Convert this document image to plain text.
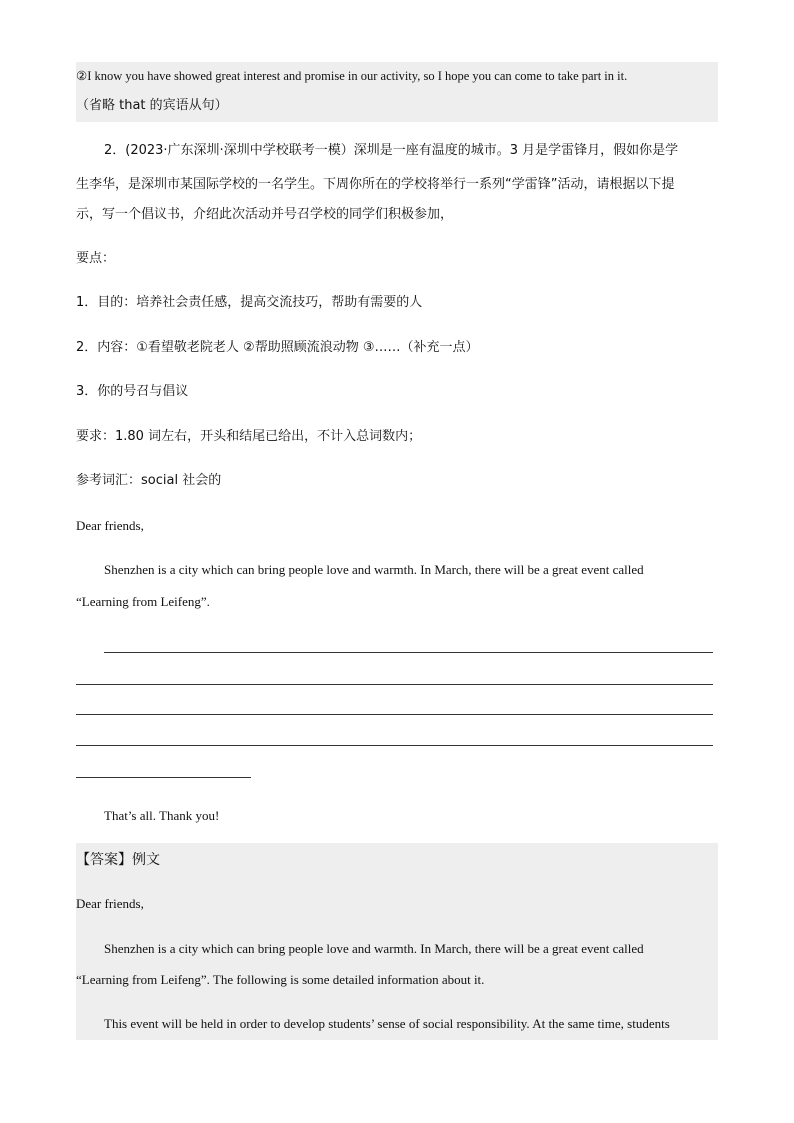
②I know you have showed great interest and promise in our activity, so I hope you can come to take part in it.
（省略 that 的宾语从句）
2．(2023·广东深圳·深圳中学校联考一模）深圳是一座有温度的城市。3 月是学雷锋月，假如你是学
生李华，是深圳市某国际学校的一名学生。下周你所在的学校将举行一系列“学雷锋”活动，请根据以下提
示，写一个倡议书，介绍此次活动并号召学校的同学们积极参加，
要点：
1．目的：培养社会责任感，提高交流技巧，帮助有需要的人
2．内容：①看望敬老院老人 ②帮助照顾流浪动物 ③……（补充一点）
3．你的号召与倡议
要求：1.80 词左右，开头和结尾已给出，不计入总词数内；
参考词汇：social 社会的
Dear friends,
Shenzhen is a city which can bring people love and warmth. In March, there will be a great event called
“Learning from Leifeng”.
That’s all. Thank you!
【答案】例文
Dear friends,
Shenzhen is a city which can bring people love and warmth. In March, there will be a great event called
“Learning from Leifeng”. The following is some detailed information about it.
This event will be held in order to develop students’ sense of social responsibility. At the same time, students
